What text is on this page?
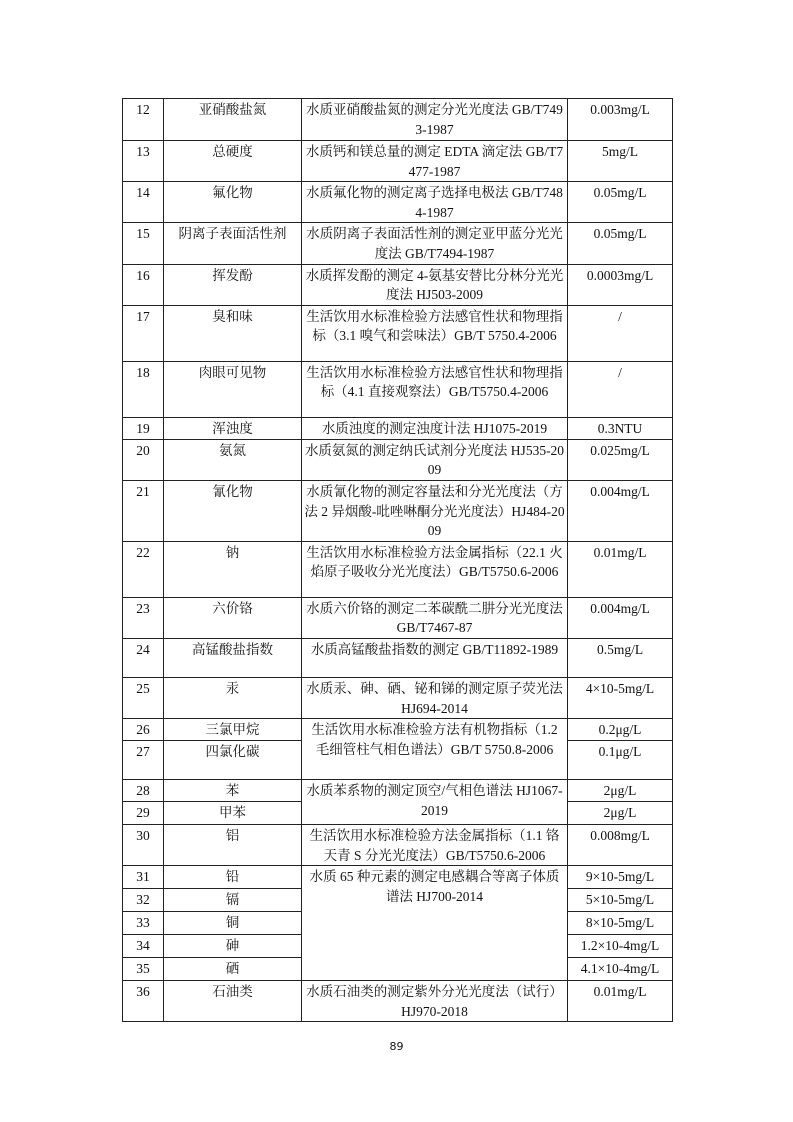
12	亚硝酸盐氮	水质亚硝酸盐氮的测定分光光度法 GB/T7493-1987	0.003mg/L
13	总硬度	水质钙和镁总量的测定 EDTA 滴定法 GB/T7477-1987	5mg/L
14	氟化物	水质氟化物的测定离子选择电极法 GB/T7484-1987	0.05mg/L
15	阴离子表面活性剂	水质阴离子表面活性剂的测定亚甲蓝分光光度法 GB/T7494-1987	0.05mg/L
16	挥发酚	水质挥发酚的测定 4-氨基安替比分林分光光度法 HJ503-2009	0.0003mg/L
17	臭和味	生活饮用水标准检验方法感官性状和物理指标（3.1 嗅气和尝味法）GB/T 5750.4-2006	/
18	肉眼可见物	生活饮用水标准检验方法感官性状和物理指标（4.1 直接观察法）GB/T5750.4-2006	/
19	浑浊度	水质浊度的测定浊度计法 HJ1075-2019	0.3NTU
20	氨氮	水质氨氮的测定纳氏试剂分光度法 HJ535-2009	0.025mg/L
21	氰化物	水质氰化物的测定容量法和分光光度法（方法 2 异烟酸-吡唑啉酮分光光度法）HJ484-2009	0.004mg/L
22	钠	生活饮用水标准检验方法金属指标（22.1 火焰原子吸收分光光度法）GB/T5750.6-2006	0.01mg/L
23	六价铬	水质六价铬的测定二苯碳酰二肼分光光度法 GB/T7467-87	0.004mg/L
24	高锰酸盐指数	水质高锰酸盐指数的测定 GB/T11892-1989	0.5mg/L
25	汞	水质汞、砷、硒、铋和锑的测定原子荧光法 HJ694-2014	4×10-5mg/L
26	三氯甲烷	生活饮用水标准检验方法有机物指标（1.2 毛细管柱气相色谱法）GB/T 5750.8-2006	0.2μg/L
27	四氯化碳		0.1μg/L
28	苯	水质苯系物的测定顶空/气相色谱法 HJ1067-2019	2μg/L
29	甲苯		2μg/L
30	铝	生活饮用水标准检验方法金属指标（1.1 铬天青 S 分光光度法）GB/T5750.6-2006	0.008mg/L
31	铅	水质 65 种元素的测定电感耦合等离子体质谱法 HJ700-2014	9×10-5mg/L
32	镉		5×10-5mg/L
33	铜		8×10-5mg/L
34	砷		1.2×10-4mg/L
35	硒		4.1×10-4mg/L
36	石油类	水质石油类的测定紫外分光光度法（试行）HJ970-2018	0.01mg/L
89
